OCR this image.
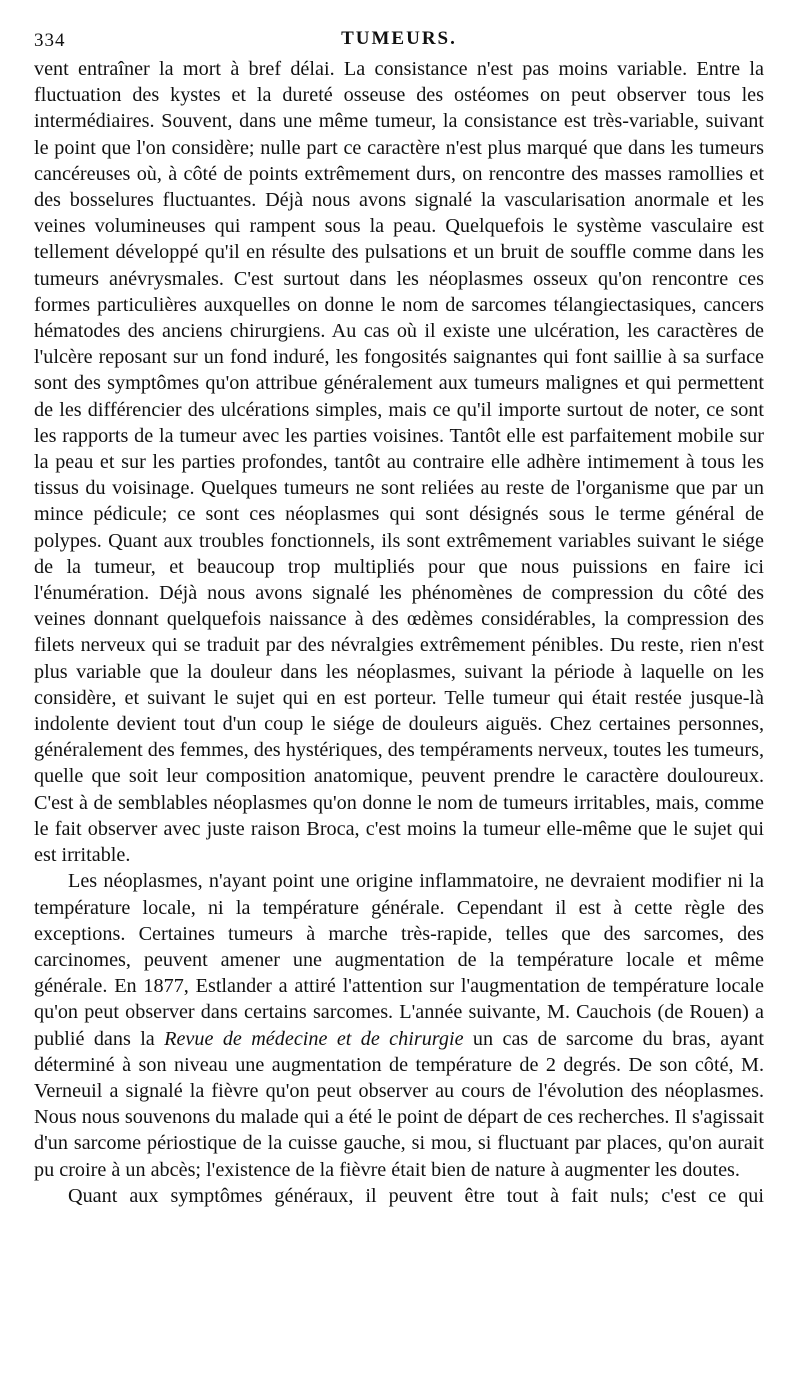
334	TUMEURS.

vent entraîner la mort à bref délai. La consistance n'est pas moins variable. Entre la fluctuation des kystes et la dureté osseuse des ostéomes on peut observer tous les intermédiaires. Souvent, dans une même tumeur, la consistance est très-variable, suivant le point que l'on considère; nulle part ce caractère n'est plus marqué que dans les tumeurs cancéreuses où, à côté de points extrêmement durs, on rencontre des masses ramollies et des bosselures fluctuantes. Déjà nous avons signalé la vascularisation anormale et les veines volumineuses qui rampent sous la peau. Quelquefois le système vasculaire est tellement développé qu'il en résulte des pulsations et un bruit de souffle comme dans les tumeurs anévrysmales. C'est surtout dans les néoplasmes osseux qu'on rencontre ces formes particulières auxquelles on donne le nom de sarcomes télangiectasiques, cancers hématodes des anciens chirurgiens. Au cas où il existe une ulcération, les caractères de l'ulcère reposant sur un fond induré, les fongosités saignantes qui font saillie à sa surface sont des symptômes qu'on attribue généralement aux tumeurs malignes et qui permettent de les différencier des ulcérations simples, mais ce qu'il importe surtout de noter, ce sont les rapports de la tumeur avec les parties voisines. Tantôt elle est parfaitement mobile sur la peau et sur les parties profondes, tantôt au contraire elle adhère intimement à tous les tissus du voisinage. Quelques tumeurs ne sont reliées au reste de l'organisme que par un mince pédicule; ce sont ces néoplasmes qui sont désignés sous le terme général de polypes. Quant aux troubles fonctionnels, ils sont extrêmement variables suivant le siége de la tumeur, et beaucoup trop multipliés pour que nous puissions en faire ici l'énumération. Déjà nous avons signalé les phénomènes de compression du côté des veines donnant quelquefois naissance à des œdèmes considérables, la compression des filets nerveux qui se traduit par des névralgies extrêmement pénibles. Du reste, rien n'est plus variable que la douleur dans les néoplasmes, suivant la période à laquelle on les considère, et suivant le sujet qui en est porteur. Telle tumeur qui était restée jusque-là indolente devient tout d'un coup le siége de douleurs aiguës. Chez certaines personnes, généralement des femmes, des hystériques, des tempéraments nerveux, toutes les tumeurs, quelle que soit leur composition anatomique, peuvent prendre le caractère douloureux. C'est à de semblables néoplasmes qu'on donne le nom de tumeurs irritables, mais, comme le fait observer avec juste raison Broca, c'est moins la tumeur elle-même que le sujet qui est irritable.

Les néoplasmes, n'ayant point une origine inflammatoire, ne devraient modifier ni la température locale, ni la température générale. Cependant il est à cette règle des exceptions. Certaines tumeurs à marche très-rapide, telles que des sarcomes, des carcinomes, peuvent amener une augmentation de la température locale et même générale. En 1877, Estlander a attiré l'attention sur l'augmentation de température locale qu'on peut observer dans certains sarcomes. L'année suivante, M. Cauchois (de Rouen) a publié dans la Revue de médecine et de chirurgie un cas de sarcome du bras, ayant déterminé à son niveau une augmentation de température de 2 degrés. De son côté, M. Verneuil a signalé la fièvre qu'on peut observer au cours de l'évolution des néoplasmes. Nous nous souvenons du malade qui a été le point de départ de ces recherches. Il s'agissait d'un sarcome périostique de la cuisse gauche, si mou, si fluctuant par places, qu'on aurait pu croire à un abcès; l'existence de la fièvre était bien de nature à augmenter les doutes.

Quant aux symptômes généraux, il peuvent être tout à fait nuls; c'est ce qui
